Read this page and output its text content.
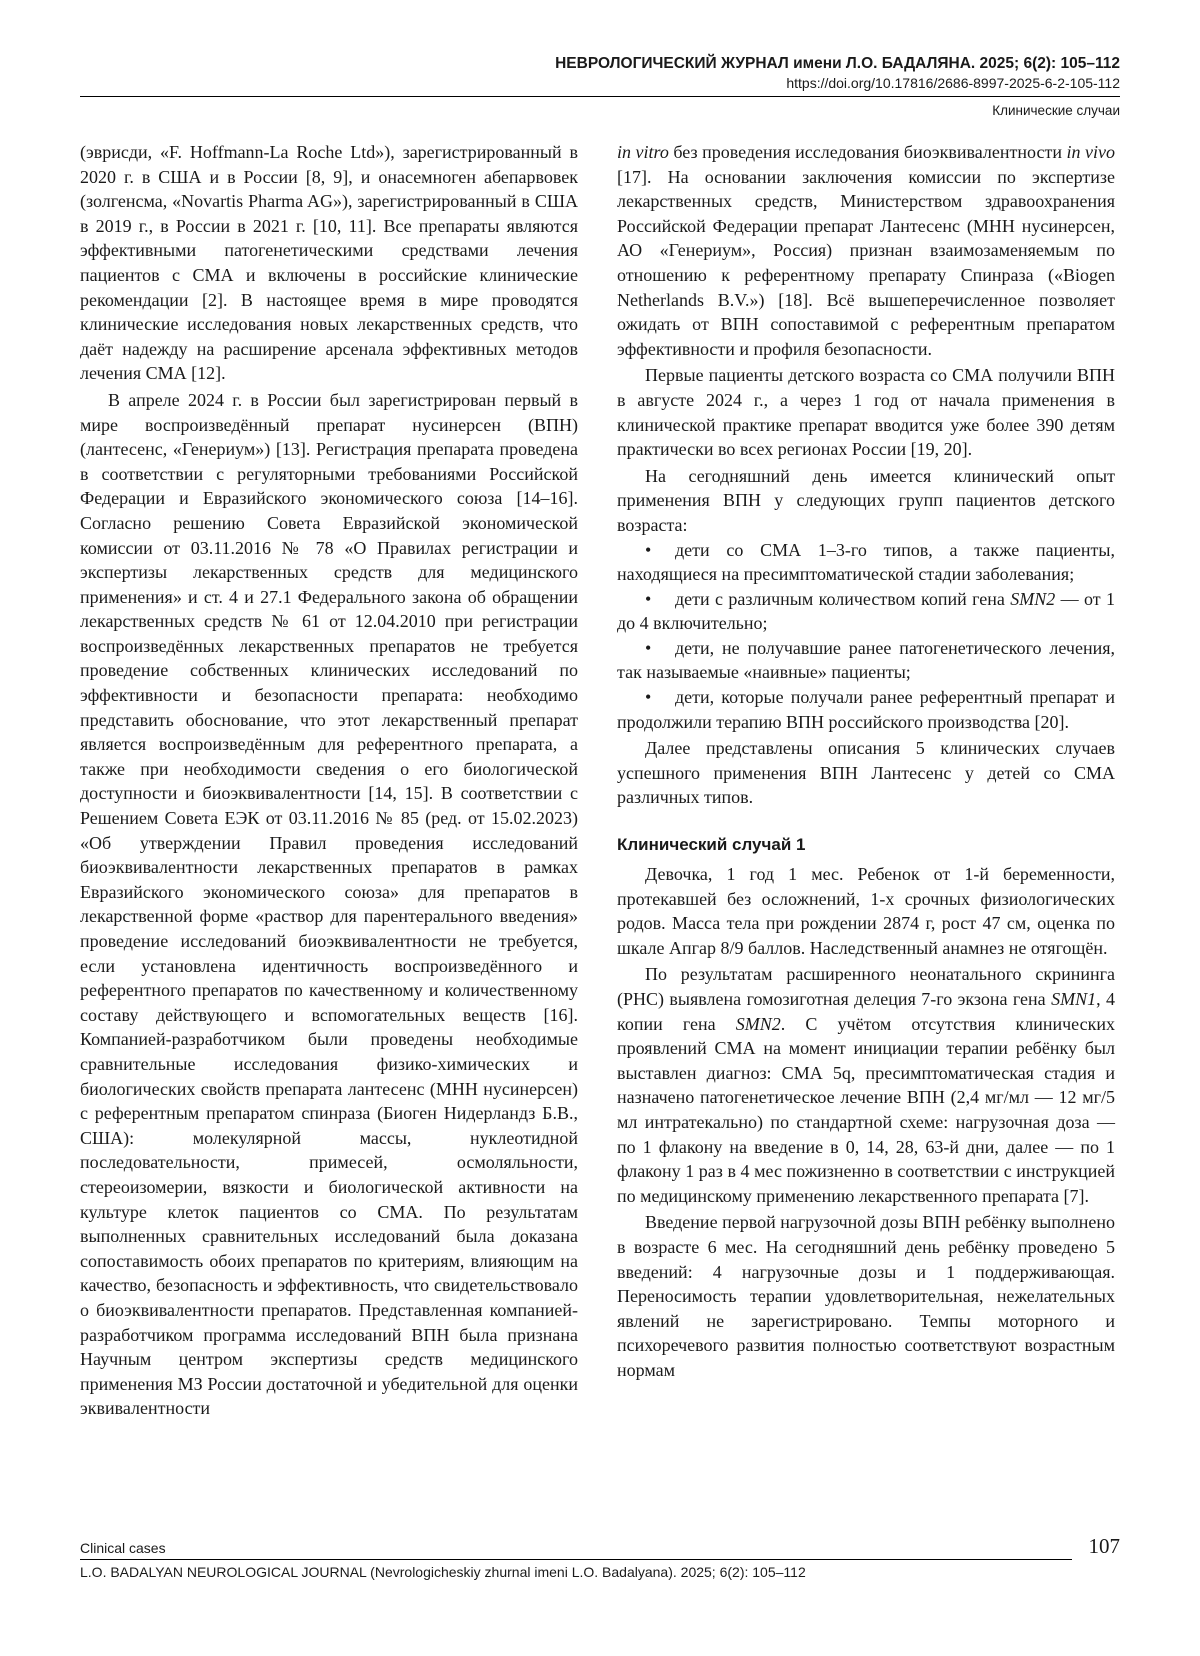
НЕВРОЛОГИЧЕСКИЙ ЖУРНАЛ имени Л.О. БАДАЛЯНА. 2025; 6(2): 105–112
https://doi.org/10.17816/2686-8997-2025-6-2-105-112
Клинические случаи

(эврисди, «F. Hoffmann-La Roche Ltd»), зарегистрированный в 2020 г. в США и в России [8, 9], и онасемноген абепарвовек (золгенсма, «Novartis Pharma AG»), зарегистрированный в США в 2019 г., в России в 2021 г. [10, 11]. Все препараты являются эффективными патогенетическими средствами лечения пациентов с СМА и включены в российские клинические рекомендации [2]. В настоящее время в мире проводятся клинические исследования новых лекарственных средств, что даёт надежду на расширение арсенала эффективных методов лечения СМА [12].

В апреле 2024 г. в России был зарегистрирован первый в мире воспроизведённый препарат нусинерсен (ВПН) (лантесенс, «Генериум») [13]. Регистрация препарата проведена в соответствии с регуляторными требованиями Российской Федерации и Евразийского экономического союза [14–16]. Согласно решению Совета Евразийской экономической комиссии от 03.11.2016 № 78 «О Правилах регистрации и экспертизы лекарственных средств для медицинского применения» и ст. 4 и 27.1 Федерального закона об обращении лекарственных средств № 61 от 12.04.2010 при регистрации воспроизведённых лекарственных препаратов не требуется проведение собственных клинических исследований по эффективности и безопасности препарата: необходимо представить обоснование, что этот лекарственный препарат является воспроизведённым для референтного препарата, а также при необходимости сведения о его биологической доступности и биоэквивалентности [14, 15]. В соответствии с Решением Совета ЕЭК от 03.11.2016 № 85 (ред. от 15.02.2023) «Об утверждении Правил проведения исследований биоэквивалентности лекарственных препаратов в рамках Евразийского экономического союза» для препаратов в лекарственной форме «раствор для парентерального введения» проведение исследований биоэквивалентности не требуется, если установлена идентичность воспроизведённого и референтного препаратов по качественному и количественному составу действующего и вспомогательных веществ [16]. Компанией-разработчиком были проведены необходимые сравнительные исследования физико-химических и биологических свойств препарата лантесенс (МНН нусинерсен) с референтным препаратом спинраза (Биоген Нидерландз Б.В., США): молекулярной массы, нуклеотидной последовательности, примесей, осмоляльности, стереоизомерии, вязкости и биологической активности на культуре клеток пациентов со СМА. По результатам выполненных сравнительных исследований была доказана сопоставимость обоих препаратов по критериям, влияющим на качество, безопасность и эффективность, что свидетельствовало о биоэквивалентности препаратов. Представленная компанией-разработчиком программа исследований ВПН была признана Научным центром экспертизы средств медицинского применения МЗ России достаточной и убедительной для оценки эквивалентности

in vitro без проведения исследования биоэквивалентности in vivo [17]. На основании заключения комиссии по экспертизе лекарственных средств, Министерством здравоохранения Российской Федерации препарат Лантесенс (МНН нусинерсен, АО «Генериум», Россия) признан взаимозаменяемым по отношению к референтному препарату Спинраза («Biogen Netherlands B.V.») [18]. Всё вышеперечисленное позволяет ожидать от ВПН сопоставимой с референтным препаратом эффективности и профиля безопасности.

Первые пациенты детского возраста со СМА получили ВПН в августе 2024 г., а через 1 год от начала применения в клинической практике препарат вводится уже более 390 детям практически во всех регионах России [19, 20].

На сегодняшний день имеется клинический опыт применения ВПН у следующих групп пациентов детского возраста:

• дети со СМА 1–3-го типов, а также пациенты, находящиеся на пресимптоматической стадии заболевания;
• дети с различным количеством копий гена SMN2 — от 1 до 4 включительно;
• дети, не получавшие ранее патогенетического лечения, так называемые «наивные» пациенты;
• дети, которые получали ранее референтный препарат и продолжили терапию ВПН российского производства [20].

Далее представлены описания 5 клинических случаев успешного применения ВПН Лантесенс у детей со СМА различных типов.

Клинический случай 1

Девочка, 1 год 1 мес. Ребенок от 1-й беременности, протекавшей без осложнений, 1-х срочных физиологических родов. Масса тела при рождении 2874 г, рост 47 см, оценка по шкале Апгар 8/9 баллов. Наследственный анамнез не отягощён.

По результатам расширенного неонатального скрининга (РНС) выявлена гомозиготная делеция 7-го экзона гена SMN1, 4 копии гена SMN2. С учётом отсутствия клинических проявлений СМА на момент инициации терапии ребёнку был выставлен диагноз: СМА 5q, пресимптоматическая стадия и назначено патогенетическое лечение ВПН (2,4 мг/мл — 12 мг/5 мл интратекально) по стандартной схеме: нагрузочная доза — по 1 флакону на введение в 0, 14, 28, 63-й дни, далее — по 1 флакону 1 раз в 4 мес пожизненно в соответствии с инструкцией по медицинскому применению лекарственного препарата [7].

Введение первой нагрузочной дозы ВПН ребёнку выполнено в возрасте 6 мес. На сегодняшний день ребёнку проведено 5 введений: 4 нагрузочные дозы и 1 поддерживающая. Переносимость терапии удовлетворительная, нежелательных явлений не зарегистрировано. Темпы моторного и психоречевого развития полностью соответствуют возрастным нормам

Clinical cases	107
L.O. BADALYAN NEUROLOGICAL JOURNAL (Nevrologicheskiy zhurnal imeni L.O. Badalyana). 2025; 6(2): 105–112
